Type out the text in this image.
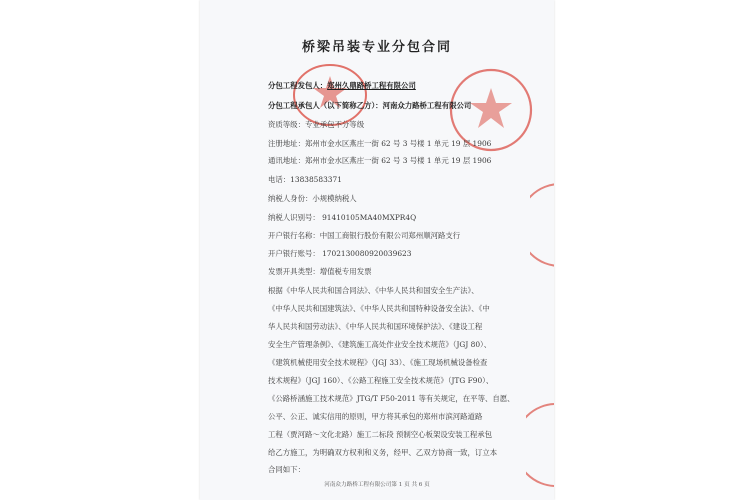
桥梁吊装专业分包合同
分包工程发包人：郑州久鼎路桥工程有限公司
分包工程承包人（以下简称乙方）：河南众力路桥工程有限公司
资质等级：专业承包不分等级
注册地址：郑州市金水区燕庄一街 62 号 3 号楼 1 单元 19 层 1906
通讯地址：郑州市金水区燕庄一街 62 号 3 号楼 1 单元 19 层 1906
电话：13838583371
纳税人身份：小规模纳税人
纳税人识别号： 91410105MA40MXPR4Q
开户银行名称：中国工商银行股份有限公司郑州顺河路支行
开户银行账号： 1702130080920039623
发票开具类型：增值税专用发票
根据《中华人民共和国合同法》、《中华人民共和国安全生产法》、
《中华人民共和国建筑法》、《中华人民共和国特种设备安全法》、《中
华人民共和国劳动法》、《中华人民共和国环境保护法》、《建设工程
安全生产管理条例》、《建筑施工高处作业安全技术规范》（JGJ 80）、
《建筑机械使用安全技术规程》（JGJ 33）、《施工现场机械设备检查
技术规程》（JGJ 160）、《公路工程施工安全技术规范》（JTG F90）、
《公路桥涵施工技术规范》JTG/T F50-2011 等有关规定，在平等、自愿、
公平、公正、诚实信用的原则，甲方将其承包的郑州市滨河路道路
工程（贾河路～文化北路）施工二标段 预制空心板架设安装工程承包
给乙方施工，为明确双方权利和义务，经甲、乙双方协商一致，订立本
合同如下：
河南众力路桥工程有限公司第 1 页 共 6 页
